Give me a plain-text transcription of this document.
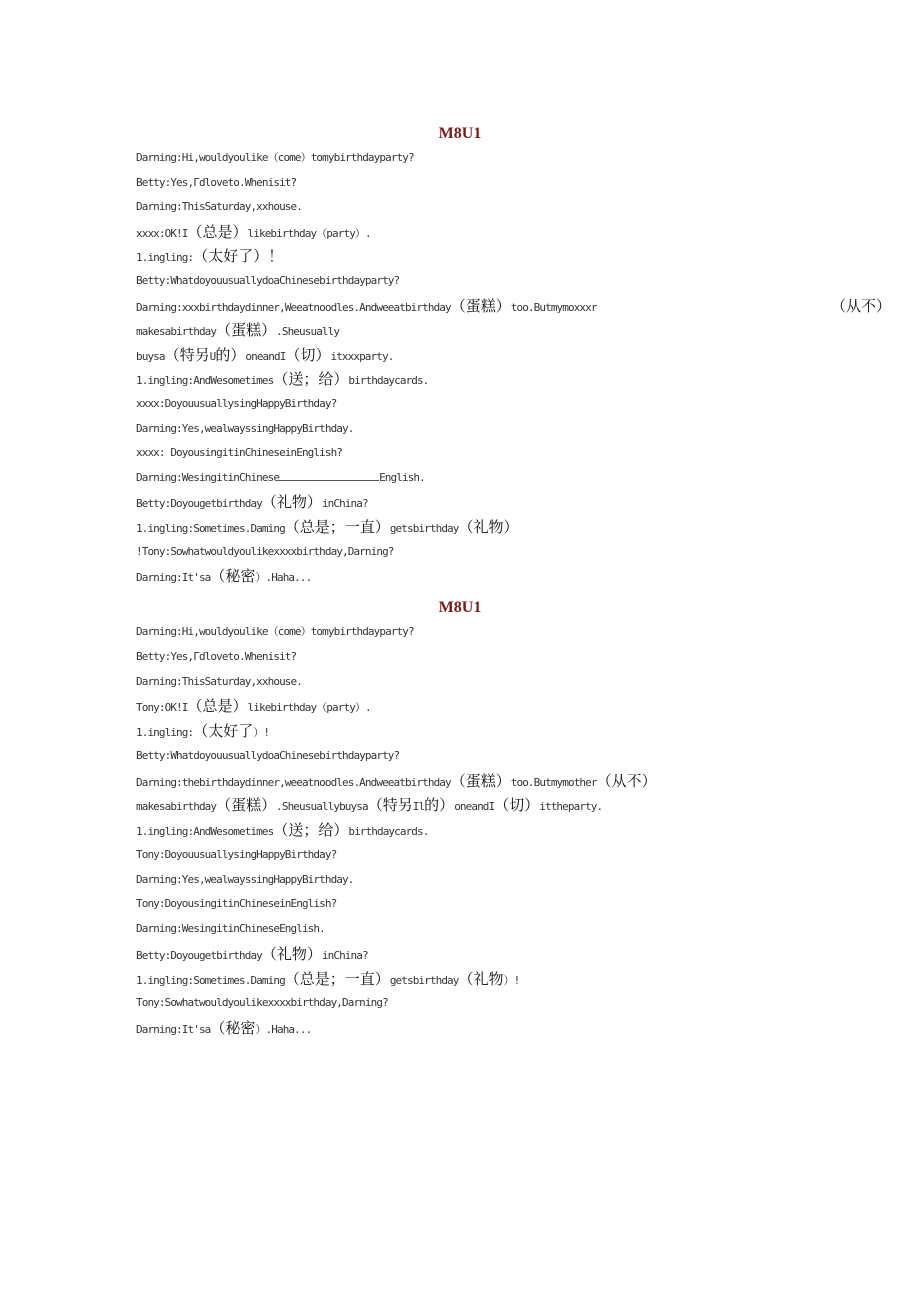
M8U1
Darning:Hi,wouldyoulike（come）tomybirthdayparty?
Betty:Yes,Γdloveto.Whenisit?
Darning:ThisSaturday,xxhouse.
xxxx:OK!I（总是）likebirthday（party）.
1.ingling:（太好了）！
Betty:WhatdoyouusuallydoaChinesebirthdayparty?
Darning:xxxbirthdaydinner,Weeatnoodles.Andweeatbirthday（蛋糕）too.Butmymoxxxr	（从不）
makesabirthday（蛋糕）.Sheusually
buysa（特另U的）oneandI（切）itxxxparty.
1.ingling:AndWesometimes（送；给）birthdaycards.
xxxx:DoyouusuallysingHappyBirthday?
Darning:Yes,wealwayssingHappyBirthday.
xxxx: DoyousingitinChineseinEnglish?
Darning:WesingitinChinese	English.
Betty:Doyougetbirthday（礼物）inChina?
1.ingling:Sometimes.Daming（总是；一直）getsbirthday（礼物）
!Tony:Sowhatwouldyoulikexxxxbirthday,Darning?
Darning:It'sa（秘密）.Haha...
M8U1
Darning:Hi,wouldyoulike（come）tomybirthdayparty?
Betty:Yes,Γdloveto.Whenisit?
Darning:ThisSaturday,xxhouse.
Tony:OK!I（总是）likebirthday（party）.
1.ingling:（太好了）!
Betty:WhatdoyouusuallydoaChinesebirthdayparty?
Darning:thebirthdaydinner,weeatnoodles.Andweeatbirthday（蛋糕）too.Butmymother（从不）
makesabirthday（蛋糕）.Sheusuallybuysa（特另Il的）oneandI（切）ittheparty.
1.ingling:AndWesometimes（送；给）birthdaycards.
Tony:DoyouusuallysingHappyBirthday?
Darning:Yes,wealwayssingHappyBirthday.
Tony:DoyousingitinChineseinEnglish?
Darning:WesingitinChineseEnglish.
Betty:Doyougetbirthday（礼物）inChina?
1.ingling:Sometimes.Daming（总是；一直）getsbirthday（礼物）!
Tony:Sowhatwouldyoulikexxxxbirthday,Darning?
Darning:It'sa（秘密）.Haha...
